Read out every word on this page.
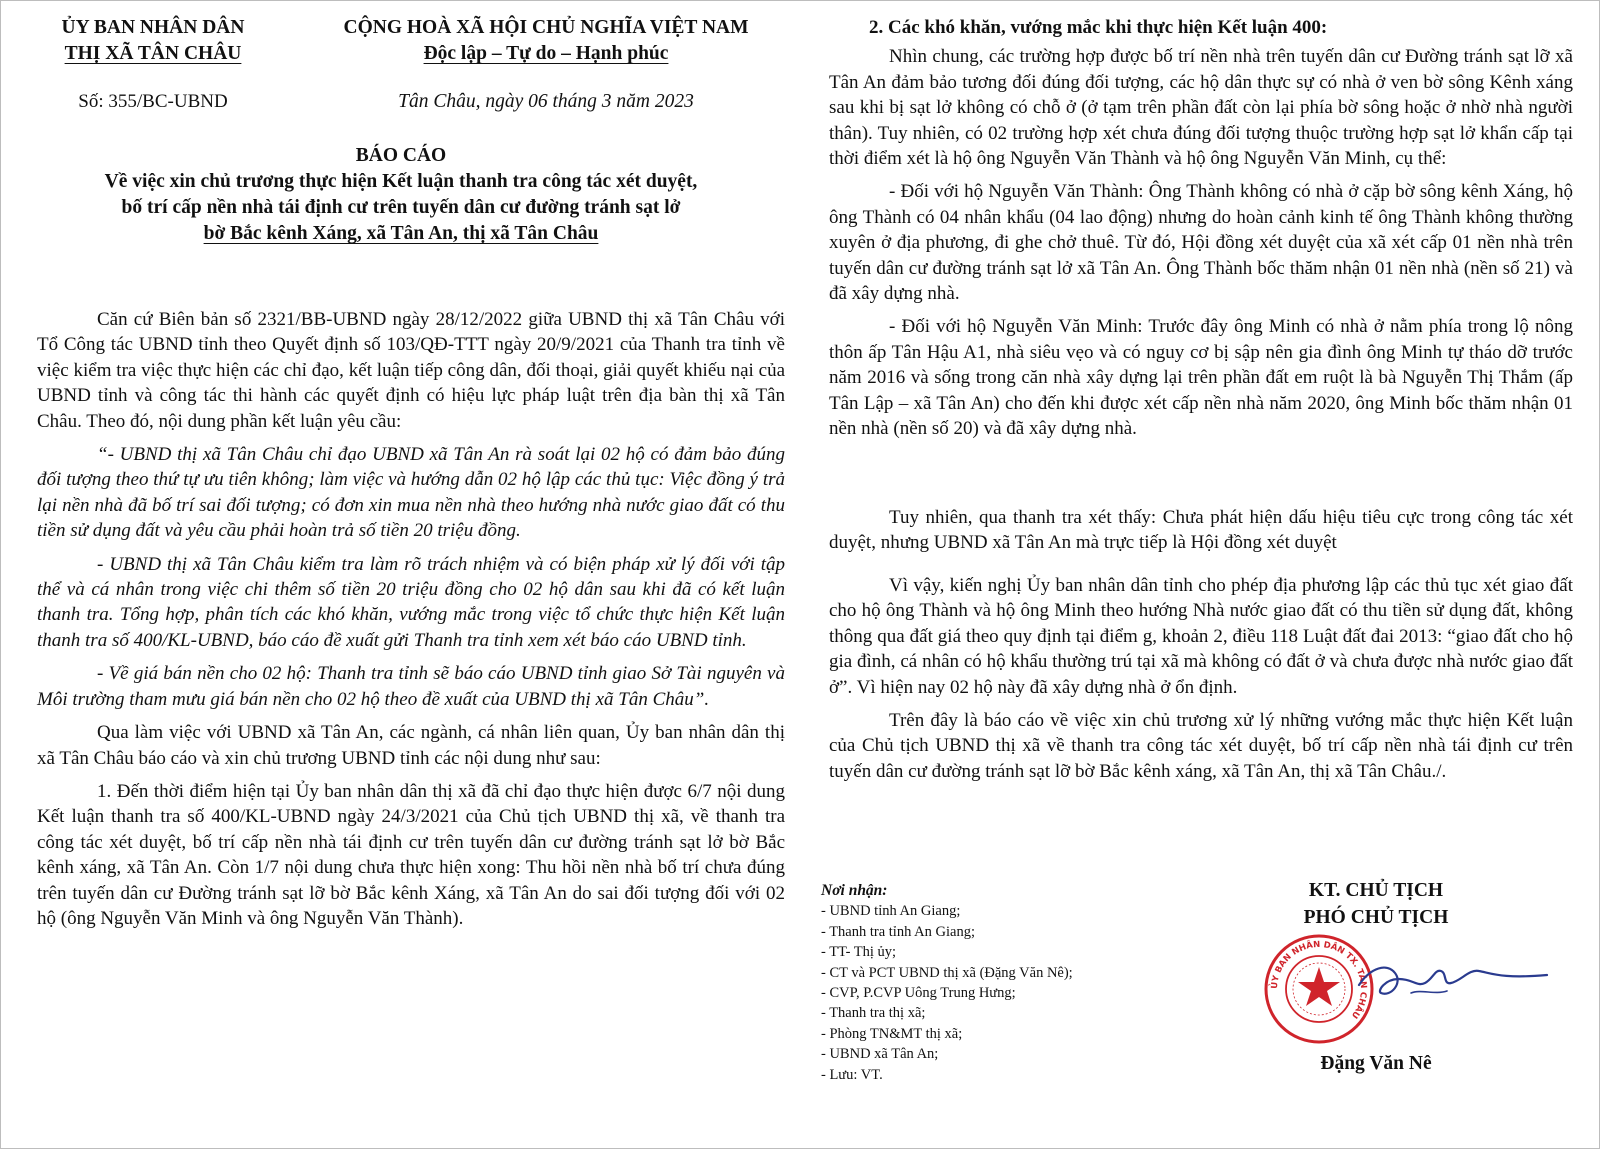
ỦY BAN NHÂN DÂN
THỊ XÃ TÂN CHÂU
CỘNG HOÀ XÃ HỘI CHỦ NGHĨA VIỆT NAM
Độc lập – Tự do – Hạnh phúc
Số: 355/BC-UBND	Tân Châu, ngày 06 tháng 3 năm 2023
BÁO CÁO
Về việc xin chủ trương thực hiện Kết luận thanh tra công tác xét duyệt,
bố trí cấp nền nhà tái định cư trên tuyến dân cư đường tránh sạt lở
bờ Bắc kênh Xáng, xã Tân An, thị xã Tân Châu

Căn cứ Biên bản số 2321/BB-UBND ngày 28/12/2022 giữa UBND thị xã Tân Châu với Tổ Công tác UBND tỉnh theo Quyết định số 103/QĐ-TTT ngày 20/9/2021 của Thanh tra tỉnh về việc kiểm tra việc thực hiện các chỉ đạo, kết luận tiếp công dân, đối thoại, giải quyết khiếu nại của UBND tỉnh và công tác thi hành các quyết định có hiệu lực pháp luật trên địa bàn thị xã Tân Châu. Theo đó, nội dung phần kết luận yêu cầu:

“- UBND thị xã Tân Châu chỉ đạo UBND xã Tân An rà soát lại 02 hộ có đảm bảo đúng đối tượng theo thứ tự ưu tiên không; làm việc và hướng dẫn 02 hộ lập các thủ tục: Việc đồng ý trả lại nền nhà đã bố trí sai đối tượng; có đơn xin mua nền nhà theo hướng nhà nước giao đất có thu tiền sử dụng đất và yêu cầu phải hoàn trả số tiền 20 triệu đồng.

- UBND thị xã Tân Châu kiểm tra làm rõ trách nhiệm và có biện pháp xử lý đối với tập thể và cá nhân trong việc chi thêm số tiền 20 triệu đồng cho 02 hộ dân sau khi đã có kết luận thanh tra. Tổng hợp, phân tích các khó khăn, vướng mắc trong việc tổ chức thực hiện Kết luận thanh tra số 400/KL-UBND, báo cáo đề xuất gửi Thanh tra tỉnh xem xét báo cáo UBND tỉnh.

- Về giá bán nền cho 02 hộ: Thanh tra tỉnh sẽ báo cáo UBND tỉnh giao Sở Tài nguyên và Môi trường tham mưu giá bán nền cho 02 hộ theo đề xuất của UBND thị xã Tân Châu”.

Qua làm việc với UBND xã Tân An, các ngành, cá nhân liên quan, Ủy ban nhân dân thị xã Tân Châu báo cáo và xin chủ trương UBND tỉnh các nội dung như sau:

1. Đến thời điểm hiện tại Ủy ban nhân dân thị xã đã chỉ đạo thực hiện được 6/7 nội dung Kết luận thanh tra số 400/KL-UBND ngày 24/3/2021 của Chủ tịch UBND thị xã, về thanh tra công tác xét duyệt, bố trí cấp nền nhà tái định cư trên tuyến dân cư đường tránh sạt lở bờ Bắc kênh xáng, xã Tân An. Còn 1/7 nội dung chưa thực hiện xong: Thu hồi nền nhà bố trí chưa đúng trên tuyến dân cư Đường tránh sạt lỡ bờ Bắc kênh Xáng, xã Tân An do sai đối tượng đối với 02 hộ (ông Nguyễn Văn Minh và ông Nguyễn Văn Thành).

2. Các khó khăn, vướng mắc khi thực hiện Kết luận 400:

Nhìn chung, các trường hợp được bố trí nền nhà trên tuyến dân cư Đường tránh sạt lỡ xã Tân An đảm bảo tương đối đúng đối tượng, các hộ dân thực sự có nhà ở ven bờ sông Kênh xáng sau khi bị sạt lở không có chỗ ở (ở tạm trên phần đất còn lại phía bờ sông hoặc ở nhờ nhà người thân). Tuy nhiên, có 02 trường hợp xét chưa đúng đối tượng thuộc trường hợp sạt lở khẩn cấp tại thời điểm xét là hộ ông Nguyễn Văn Thành và hộ ông Nguyễn Văn Minh, cụ thể:

- Đối với hộ Nguyễn Văn Thành: Ông Thành không có nhà ở cặp bờ sông kênh Xáng, hộ ông Thành có 04 nhân khẩu (04 lao động) nhưng do hoàn cảnh kinh tế ông Thành không thường xuyên ở địa phương, đi ghe chở thuê. Từ đó, Hội đồng xét duyệt của xã xét cấp 01 nền nhà trên tuyến dân cư đường tránh sạt lở xã Tân An. Ông Thành bốc thăm nhận 01 nền nhà (nền số 21) và đã xây dựng nhà.

- Đối với hộ Nguyễn Văn Minh: Trước đây ông Minh có nhà ở nằm phía trong lộ nông thôn ấp Tân Hậu A1, nhà siêu vẹo và có nguy cơ bị sập nên gia đình ông Minh tự tháo dỡ trước năm 2016 và sống trong căn nhà xây dựng lại trên phần đất em ruột là bà Nguyễn Thị Thắm (ấp Tân Lập – xã Tân An) cho đến khi được xét cấp nền nhà năm 2020, ông Minh bốc thăm nhận 01 nền nhà (nền số 20) và đã xây dựng nhà.

Tuy nhiên, qua thanh tra xét thấy: Chưa phát hiện dấu hiệu tiêu cực trong công tác xét duyệt, nhưng UBND xã Tân An mà trực tiếp là Hội đồng xét duyệt

Vì vậy, kiến nghị Ủy ban nhân dân tỉnh cho phép địa phương lập các thủ tục xét giao đất cho hộ ông Thành và hộ ông Minh theo hướng Nhà nước giao đất có thu tiền sử dụng đất, không thông qua đất giá theo quy định tại điểm g, khoản 2, điều 118 Luật đất đai 2013: “giao đất cho hộ gia đình, cá nhân có hộ khẩu thường trú tại xã mà không có đất ở và chưa được nhà nước giao đất ở”. Vì hiện nay 02 hộ này đã xây dựng nhà ở ổn định.

Trên đây là báo cáo về việc xin chủ trương xử lý những vướng mắc thực hiện Kết luận của Chủ tịch UBND thị xã về thanh tra công tác xét duyệt, bố trí cấp nền nhà tái định cư trên tuyến dân cư đường tránh sạt lỡ bờ Bắc kênh xáng, xã Tân An, thị xã Tân Châu./.

Nơi nhận:
- UBND tỉnh An Giang;
- Thanh tra tỉnh An Giang;
- TT- Thị ủy;
- CT và PCT UBND thị xã (Đặng Văn Nê);
- CVP, P.CVP Uông Trung Hưng;
- Thanh tra thị xã;
- Phòng TN&MT thị xã;
- UBND xã Tân An;
- Lưu: VT.
KT. CHỦ TỊCH
PHÓ CHỦ TỊCH
ỦY BAN NHÂN DÂN TX. TÂN CHÂU
Đặng Văn Nê
